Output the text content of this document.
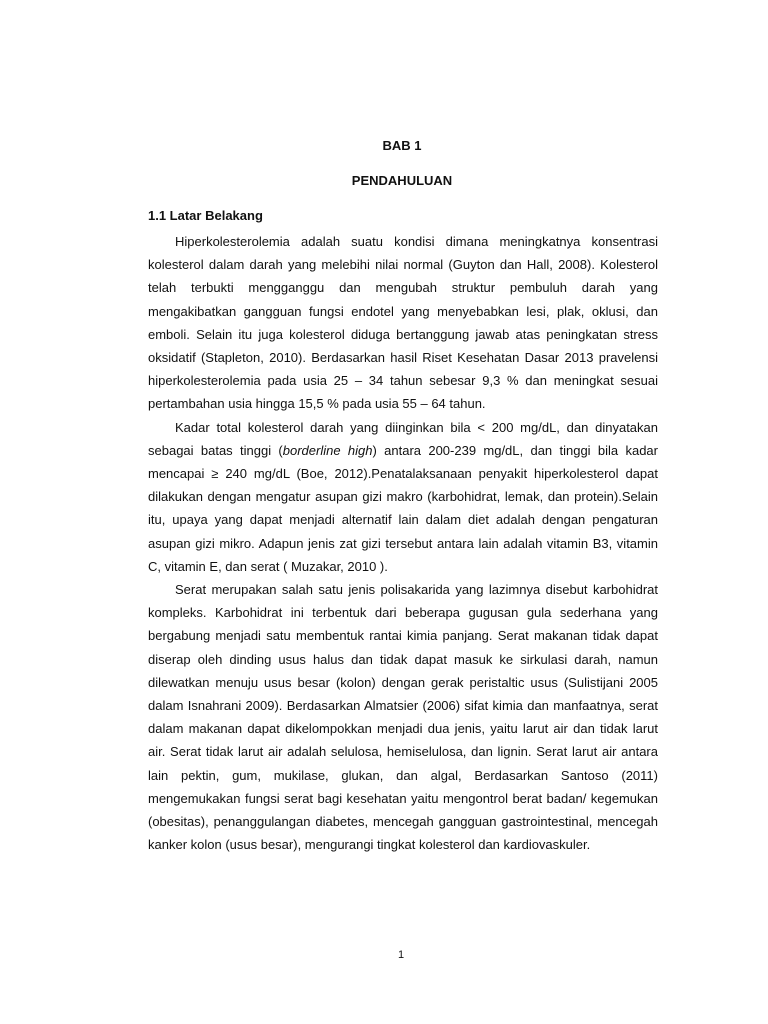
BAB 1
PENDAHULUAN
1.1 Latar Belakang

Hiperkolesterolemia adalah suatu kondisi dimana meningkatnya konsentrasi kolesterol dalam darah yang melebihi nilai normal (Guyton dan Hall, 2008). Kolesterol telah terbukti mengganggu dan mengubah struktur pembuluh darah yang mengakibatkan gangguan fungsi endotel yang menyebabkan lesi, plak, oklusi, dan emboli. Selain itu juga kolesterol diduga bertanggung jawab atas peningkatan stress oksidatif (Stapleton, 2010). Berdasarkan hasil Riset Kesehatan Dasar 2013 pravelensi hiperkolesterolemia pada usia 25 – 34 tahun sebesar 9,3 % dan meningkat sesuai pertambahan usia hingga 15,5 % pada usia 55 – 64 tahun.

Kadar total kolesterol darah yang diinginkan bila < 200 mg/dL, dan dinyatakan sebagai batas tinggi (borderline high) antara 200-239 mg/dL, dan tinggi bila kadar mencapai ≥ 240 mg/dL (Boe, 2012).Penatalaksanaan penyakit hiperkolesterol dapat dilakukan dengan mengatur asupan gizi makro (karbohidrat, lemak, dan protein).Selain itu, upaya yang dapat menjadi alternatif lain dalam diet adalah dengan pengaturan asupan gizi mikro. Adapun jenis zat gizi tersebut antara lain adalah vitamin B3, vitamin C, vitamin E, dan serat ( Muzakar, 2010 ).

Serat merupakan salah satu jenis polisakarida yang lazimnya disebut karbohidrat kompleks. Karbohidrat ini terbentuk dari beberapa gugusan gula sederhana yang bergabung menjadi satu membentuk rantai kimia panjang. Serat makanan tidak dapat diserap oleh dinding usus halus dan tidak dapat masuk ke sirkulasi darah, namun dilewatkan menuju usus besar (kolon) dengan gerak peristaltic usus (Sulistijani 2005 dalam Isnahrani 2009). Berdasarkan Almatsier (2006) sifat kimia dan manfaatnya, serat dalam makanan dapat dikelompokkan menjadi dua jenis, yaitu larut air dan tidak larut air. Serat tidak larut air adalah selulosa, hemiselulosa, dan lignin. Serat larut air antara lain pektin, gum, mukilase, glukan, dan algal, Berdasarkan Santoso (2011) mengemukakan fungsi serat bagi kesehatan yaitu mengontrol berat badan/ kegemukan (obesitas), penanggulangan diabetes, mencegah gangguan gastrointestinal, mencegah kanker kolon (usus besar), mengurangi tingkat kolesterol dan kardiovaskuler.

1
